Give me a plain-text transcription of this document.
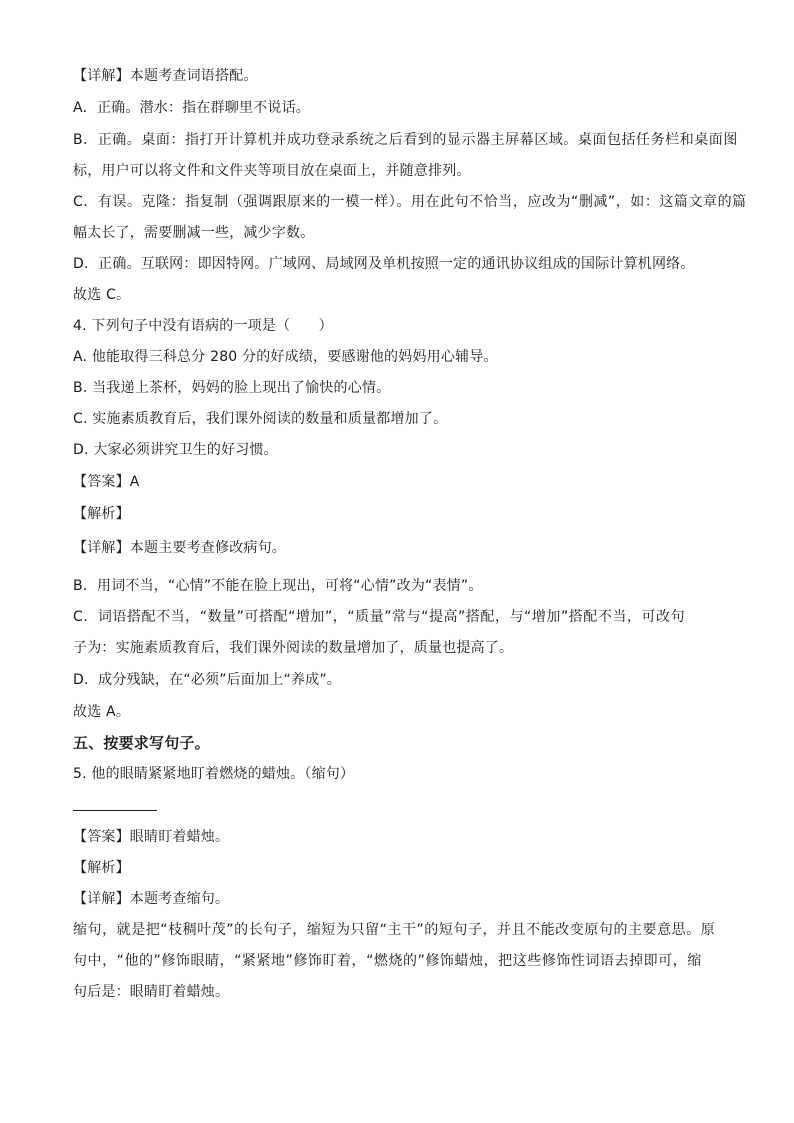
【详解】本题考查词语搭配。
A．正确。潜水：指在群聊里不说话。
B．正确。桌面：指打开计算机并成功登录系统之后看到的显示器主屏幕区域。桌面包括任务栏和桌面图
标，用户可以将文件和文件夹等项目放在桌面上，并随意排列。
C．有误。克隆：指复制（强调跟原来的一模一样）。用在此句不恰当，应改为“删减”，如：这篇文章的篇
幅太长了，需要删减一些，减少字数。
D．正确。互联网：即因特网。广域网、局域网及单机按照一定的通讯协议组成的国际计算机网络。
故选 C。
4. 下列句子中没有语病的一项是（　　）
A. 他能取得三科总分 280 分的好成绩，要感谢他的妈妈用心辅导。
B. 当我递上茶杯，妈妈的脸上现出了愉快的心情。
C. 实施素质教育后，我们课外阅读的数量和质量都增加了。
D. 大家必须讲究卫生的好习惯。
【答案】A
【解析】
【详解】本题主要考查修改病句。
B．用词不当，“心情”不能在脸上现出，可将“心情”改为“表情”。
C．词语搭配不当，“数量”可搭配“增加”，“质量”常与“提高”搭配，与“增加”搭配不当，可改句
子为：实施素质教育后，我们课外阅读的数量增加了，质量也提高了。
D．成分残缺，在“必须”后面加上“养成”。
故选 A。
五、按要求写句子。
5. 他的眼睛紧紧地盯着燃烧的蜡烛。（缩句）
【答案】眼睛盯着蜡烛。
【解析】
【详解】本题考查缩句。
缩句，就是把“枝稠叶茂”的长句子，缩短为只留“主干”的短句子，并且不能改变原句的主要意思。原
句中，“他的”修饰眼睛，“紧紧地”修饰盯着，“燃烧的”修饰蜡烛，把这些修饰性词语去掉即可，缩
句后是：眼睛盯着蜡烛。
